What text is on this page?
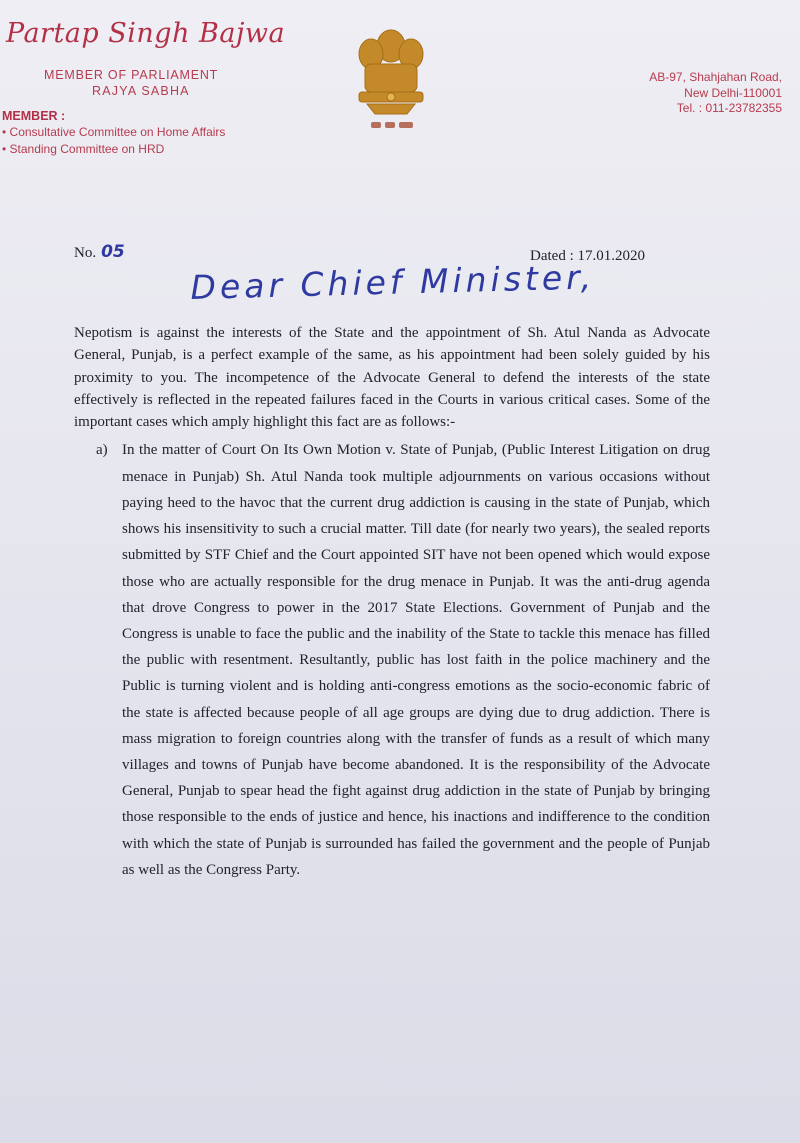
Partap Singh Bajwa
MEMBER OF PARLIAMENT
RAJYA SABHA
MEMBER :
• Consultative Committee on Home Affairs
• Standing Committee on HRD
AB-97, Shahjahan Road,
New Delhi-110001
Tel. : 011-23782355
No. 05	Dated : 17.01.2020
Dear Chief Minister,

Nepotism is against the interests of the State and the appointment of Sh. Atul Nanda as Advocate General, Punjab, is a perfect example of the same, as his appointment had been solely guided by his proximity to you. The incompetence of the Advocate General to defend the interests of the state effectively is reflected in the repeated failures faced in the Courts in various critical cases. Some of the important cases which amply highlight this fact are as follows:-

a) In the matter of Court On Its Own Motion v. State of Punjab, (Public Interest Litigation on drug menace in Punjab) Sh. Atul Nanda took multiple adjournments on various occasions without paying heed to the havoc that the current drug addiction is causing in the state of Punjab, which shows his insensitivity to such a crucial matter. Till date (for nearly two years), the sealed reports submitted by STF Chief and the Court appointed SIT have not been opened which would expose those who are actually responsible for the drug menace in Punjab. It was the anti-drug agenda that drove Congress to power in the 2017 State Elections. Government of Punjab and the Congress is unable to face the public and the inability of the State to tackle this menace has filled the public with resentment. Resultantly, public has lost faith in the police machinery and the Public is turning violent and is holding anti-congress emotions as the socio-economic fabric of the state is affected because people of all age groups are dying due to drug addiction. There is mass migration to foreign countries along with the transfer of funds as a result of which many villages and towns of Punjab have become abandoned. It is the responsibility of the Advocate General, Punjab to spear head the fight against drug addiction in the state of Punjab by bringing those responsible to the ends of justice and hence, his inactions and indifference to the condition with which the state of Punjab is surrounded has failed the government and the people of Punjab as well as the Congress Party.
